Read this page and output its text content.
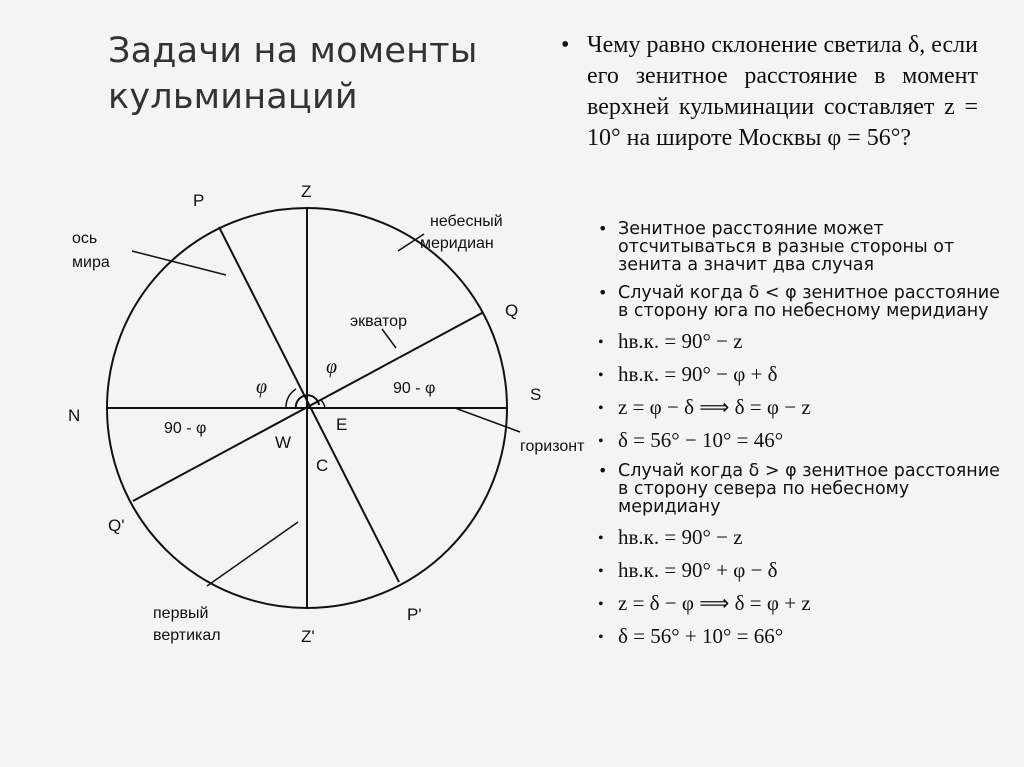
Задачи на моменты кульминаций
• Чему равно склонение светила δ, если его зенитное расстояние в момент верхней кульминации составляет z = 10° на широте Москвы φ = 56°?

• Зенитное расстояние может отсчитываться в разные стороны от зенита а значит два случая
• Случай когда δ < φ зенитное расстояние в сторону юга по небесному меридиану
• hв.к. = 90° − z
• hв.к. = 90° − φ + δ
• z = φ − δ ⟹ δ = φ − z
• δ = 56° − 10° = 46°
• Случай когда δ > φ зенитное расстояние в сторону севера по небесному меридиану
• hв.к. = 90° − z
• hв.к. = 90° + φ − δ
• z = δ − φ ⟹ δ = φ + z
• δ = 56° + 10° = 66°
P	Z
Q
S
N	E
W
C
Q'
P'
Z'
φ
φ
90 - φ
90 - φ
ось мира
небесный меридиан
экватор
горизонт
первый вертикал
